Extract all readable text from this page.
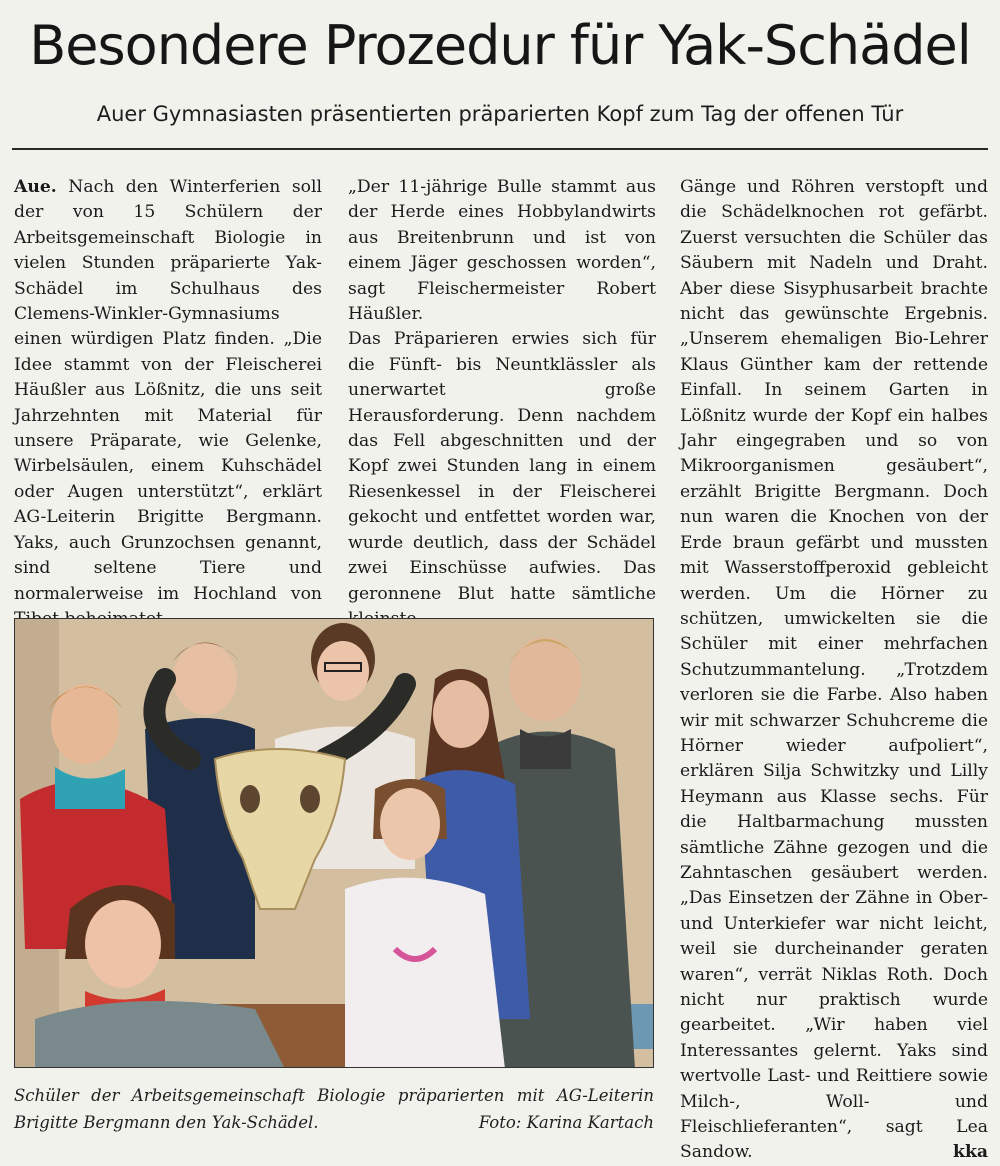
Besondere Prozedur für Yak-Schädel
Auer Gymnasiasten präsentierten präparierten Kopf zum Tag der offenen Tür

Aue. Nach den Winterferien soll der von 15 Schülern der Arbeitsgemeinschaft Biologie in vielen Stunden präparierte Yak-Schädel im Schulhaus des Clemens-Winkler-Gymnasiums einen würdigen Platz finden. „Die Idee stammt von der Fleischerei Häußler aus Lößnitz, die uns seit Jahrzehnten mit Material für unsere Präparate, wie Gelenke, Wirbelsäulen, einem Kuhschädel oder Augen unterstützt“, erklärt AG-Leiterin Brigitte Bergmann. Yaks, auch Grunzochsen genannt, sind seltene Tiere und normalerweise im Hochland von

„Der 11-jährige Bulle stammt aus der Herde eines Hobbylandwirts aus Breitenbrunn und ist von einem Jäger geschossen worden“, sagt Fleischermeister Robert Häußler.

Das Präparieren erwies sich für die Fünft- bis Neuntklässler als unerwartet große Herausforderung. Denn nachdem das Fell abgeschnitten und der Kopf zwei Stunden lang in einem Riesenkessel in der Fleischerei gekocht und entfettet worden war, wurde deutlich, dass der Schädel zwei Einschüsse aufwies. Das geronnene Blut hatte sämtliche

Gänge und Röhren verstopft und die Schädelknochen rot gefärbt. Zuerst versuchten die Schüler das Säubern mit Nadeln und Draht. Aber diese Sisyphusarbeit brachte nicht das gewünschte Ergebnis. „Unserem ehemaligen Bio-Lehrer Klaus Günther kam der rettende Einfall. In seinem Garten in Lößnitz wurde der Kopf ein halbes Jahr eingegraben und so von Mikroorganismen gesäubert“, erzählt Brigitte Bergmann. Doch nun waren die Knochen von der Erde braun gefärbt und mussten mit Wasserstoffperoxid gebleicht werden. Um die Hörner zu schützen, umwickelten sie die Schüler mit einer mehrfachen Schutzummantelung. „Trotzdem verloren sie die Farbe. Also haben wir mit schwarzer Schuhcreme die Hörner wieder aufpoliert“, erklären Silja Schwitzky und Lilly Heymann aus Klasse sechs. Für die Haltbarmachung mussten sämtliche Zähne gezogen und die Zahntaschen gesäubert werden. „Das Einsetzen der Zähne in Ober- und Unterkiefer war nicht leicht, weil sie durcheinander geraten waren“, verrät Niklas Roth. Doch nicht nur praktisch wurde gearbeitet. „Wir haben viel Interessantes gelernt. Yaks sind wertvolle Last- und Reittiere sowie Milch-, Woll- und Fleischlieferanten“, sagt Lea Sandow.	kka

Schüler der Arbeitsgemeinschaft Biologie präparierten mit AG-Leiterin
Brigitte Bergmann den Yak-Schädel.	Foto: Karina Kartach
